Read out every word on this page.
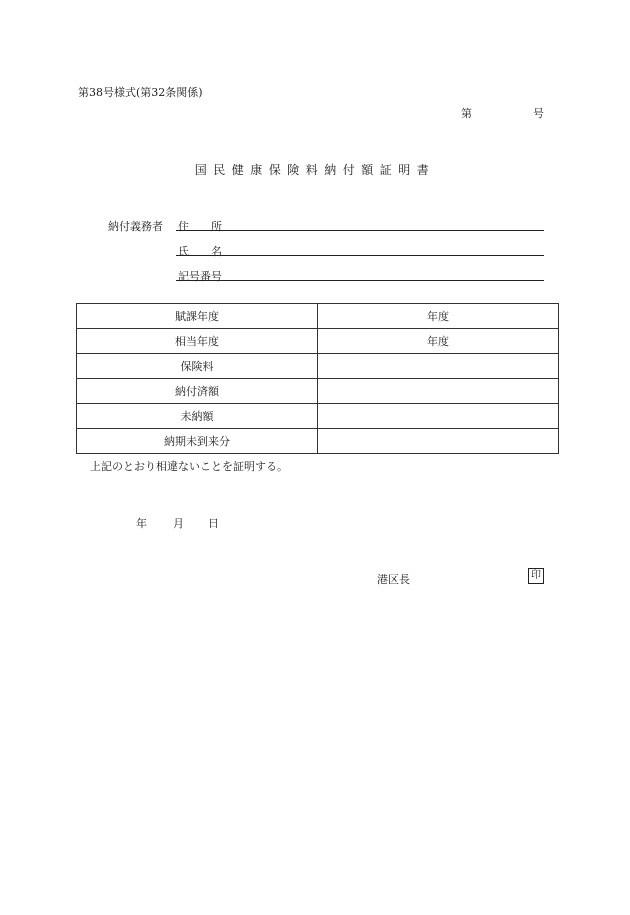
第38号様式(第32条関係)
第	号
国民健康保険料納付額証明書
納付義務者 住　　所
氏　　名
記号番号
賦課年度	年度
相当年度	年度
保険料	
納付済額	
未納額	
納期未到来分	
上記のとおり相違ないことを証明する。
年 月 日
港区長	印
